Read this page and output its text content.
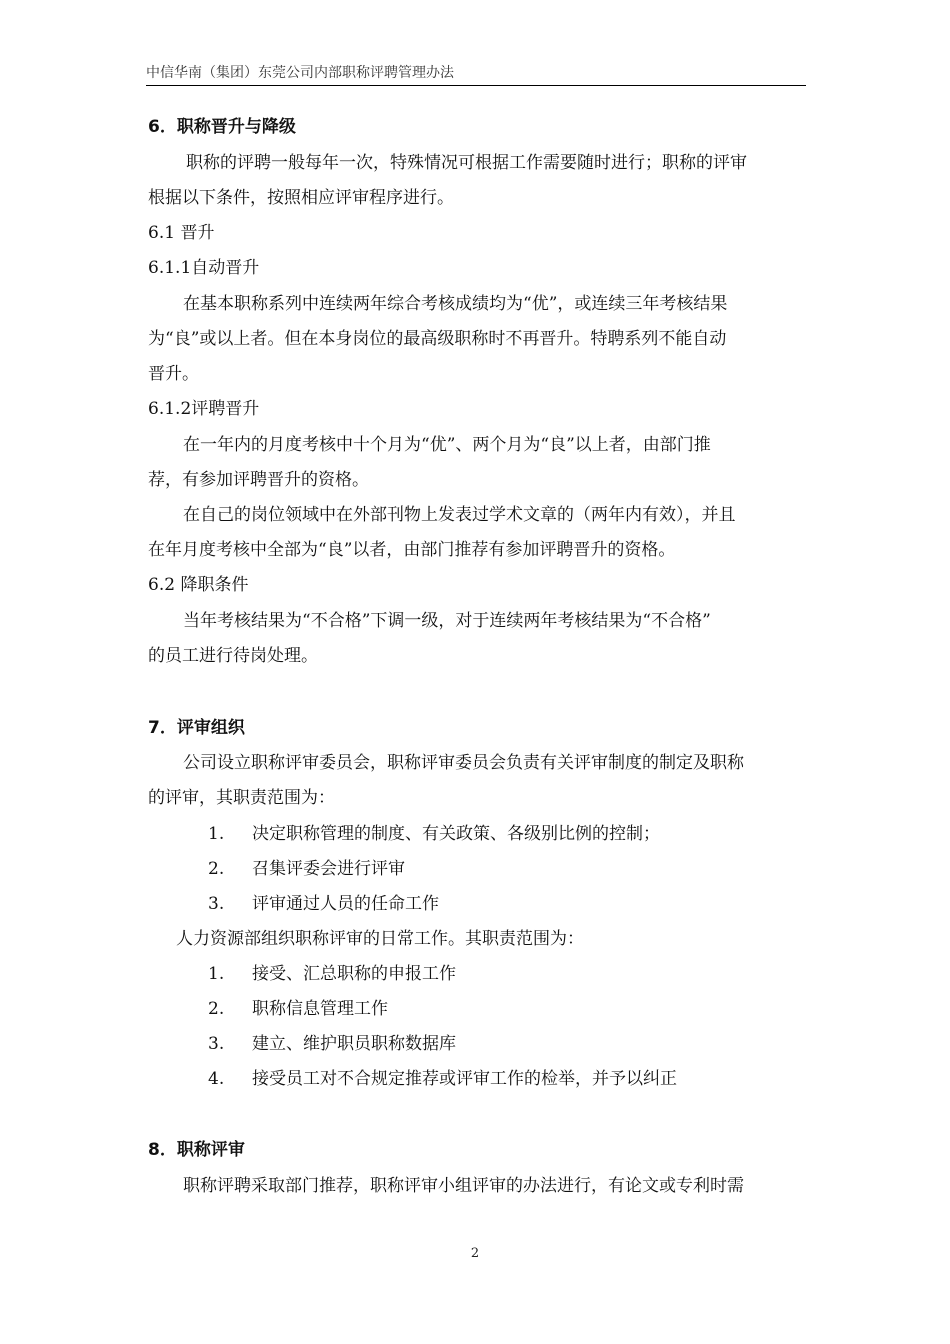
中信华南（集团）东莞公司内部职称评聘管理办法
6．职称晋升与降级
职称的评聘一般每年一次，特殊情况可根据工作需要随时进行；职称的评审
根据以下条件，按照相应评审程序进行。
6.1 晋升
6.1.1自动晋升
在基本职称系列中连续两年综合考核成绩均为“优”，或连续三年考核结果
为“良”或以上者。但在本身岗位的最高级职称时不再晋升。特聘系列不能自动
晋升。
6.1.2评聘晋升
在一年内的月度考核中十个月为“优”、两个月为“良”以上者，由部门推
荐，有参加评聘晋升的资格。
在自己的岗位领域中在外部刊物上发表过学术文章的（两年内有效），并且
在年月度考核中全部为“良”以者，由部门推荐有参加评聘晋升的资格。
6.2 降职条件
当年考核结果为“不合格”下调一级，对于连续两年考核结果为“不合格”
的员工进行待岗处理。
7．评审组织
公司设立职称评审委员会，职称评审委员会负责有关评审制度的制定及职称
的评审，其职责范围为：
1. 决定职称管理的制度、有关政策、各级别比例的控制；
2. 召集评委会进行评审
3. 评审通过人员的任命工作
人力资源部组织职称评审的日常工作。其职责范围为：
1. 接受、汇总职称的申报工作
2. 职称信息管理工作
3. 建立、维护职员职称数据库
4. 接受员工对不合规定推荐或评审工作的检举，并予以纠正
8．职称评审
职称评聘采取部门推荐，职称评审小组评审的办法进行，有论文或专利时需
2
